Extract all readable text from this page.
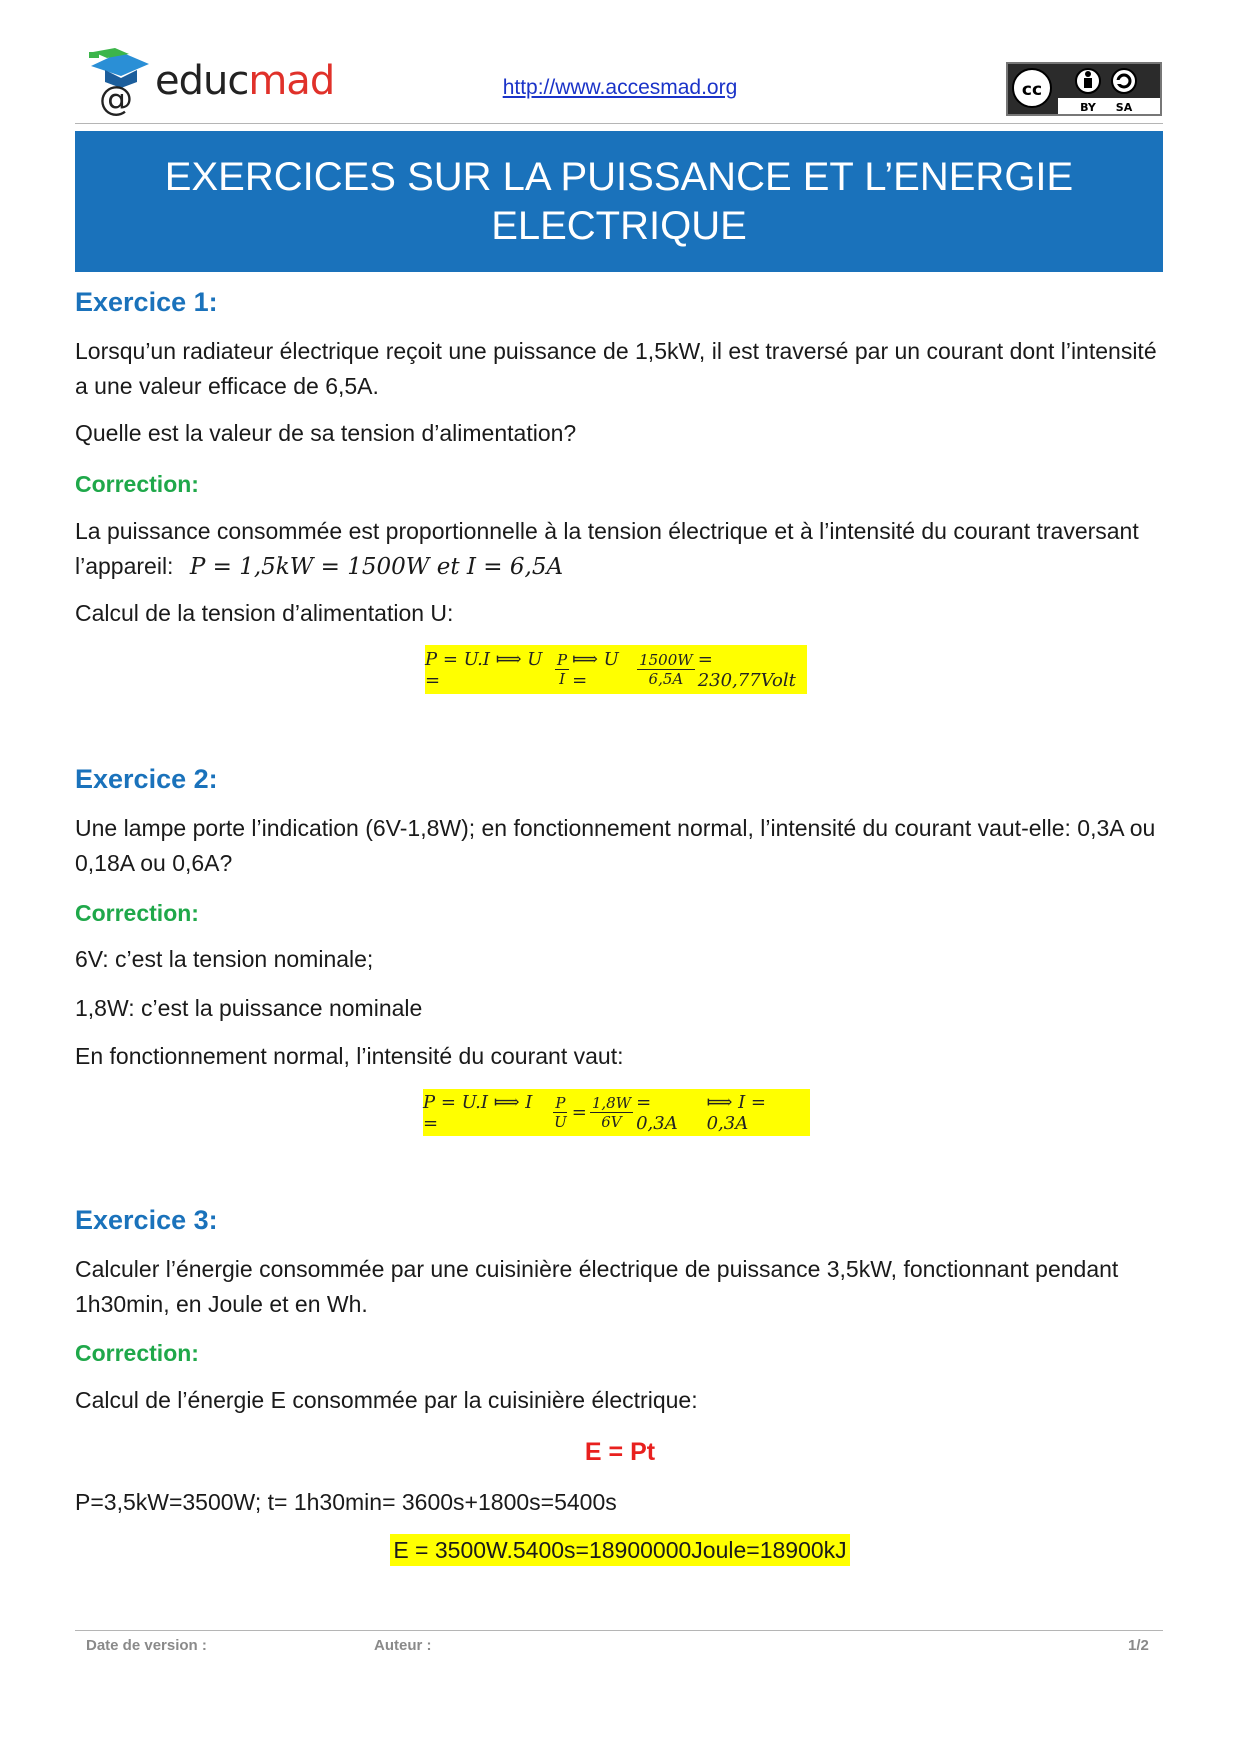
@ educmad	http://www.accesmad.org	cc
BY SA
EXERCICES SUR LA PUISSANCE ET L’ENERGIE
ELECTRIQUE
Exercice 1:
Lorsqu’un radiateur électrique reçoit une puissance de 1,5kW, il est traversé par un courant dont l’intensité a une valeur efficace de 6,5A.
Quelle est la valeur de sa tension d’alimentation?
Correction:
La puissance consommée est proportionnelle à la tension électrique et à l’intensité du courant traversant l’appareil: P = 1,5kW = 1500W et I = 6,5A
Calcul de la tension d’alimentation U:
P = U.I ⟾ U =	$\frac{P}{I}$ ⟾ U =	$\frac{1500W}{6,5A}$ = 230,77Volt
Exercice 2:
Une lampe porte l’indication (6V-1,8W); en fonctionnement normal, l’intensité du courant vaut-elle: 0,3A ou 0,18A ou 0,6A?
Correction:
6V: c’est la tension nominale;
1,8W: c’est la puissance nominale
En fonctionnement normal, l’intensité du courant vaut:
P = U.I ⟾ I =	$\frac{P}{U} = \frac{1,8W}{6V} = 0,3A$
⟾ I = 0,3A
Exercice 3:
Calculer l’énergie consommée par une cuisinière électrique de puissance 3,5kW, fonctionnant pendant 1h30min, en Joule et en Wh.
Correction:
Calcul de l’énergie E consommée par la cuisinière électrique:
E = Pt
P=3,5kW=3500W; t= 1h30min= 3600s+1800s=5400s
E = 3500W.5400s=18900000Joule=18900kJ
Date de version :	Auteur :	1/2
